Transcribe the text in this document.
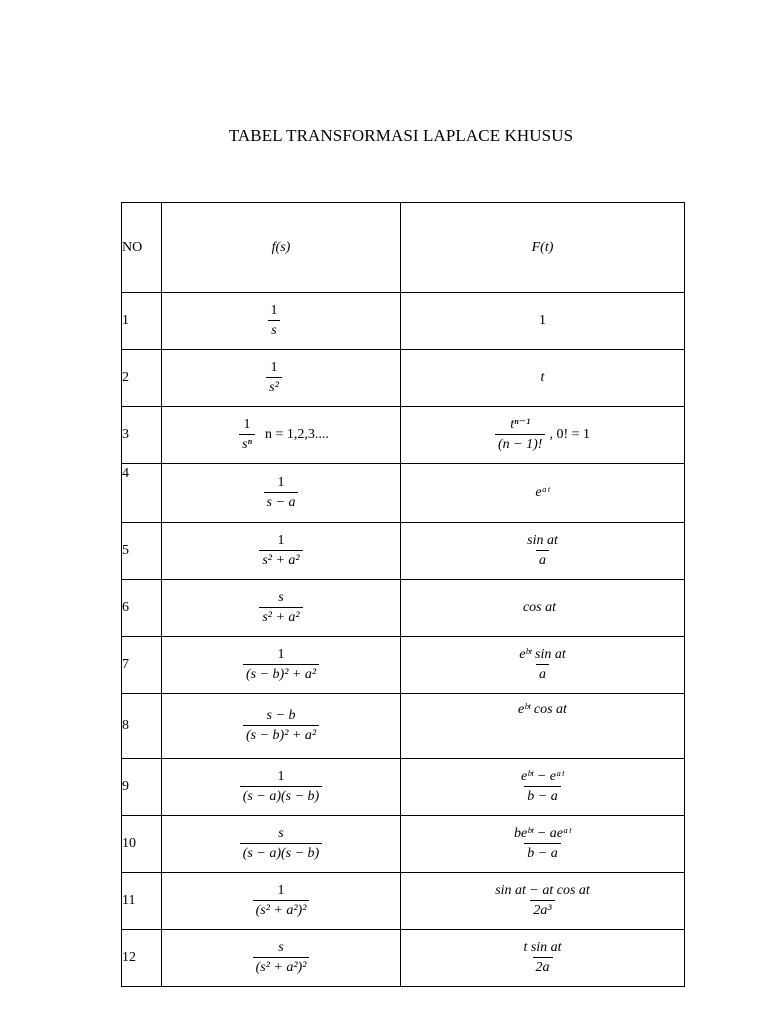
TABEL TRANSFORMASI LAPLACE KHUSUS
NO	f(s)	F(t)
1	$\frac{1}{s}$	1
2	$\frac{1}{\text{s²}}$	t
3	$\frac{1}{\text{sⁿ}}$ n = 1,2,3....	$\frac{\text{tⁿ⁻¹}}{(n - 1)!}$ , 0! = 1
4	$\frac{1}{s - a}$	eᵃᵗ
5	$\frac{1}{\text{s² + a²}}$	$\frac{\text{sin at}}{a}$

6	$\frac{s}{\text{s² + a²}}$	cos at
7	$\frac{1}{\text{(s − b)² + a²}}$	$\frac{\text{eᵇᵗ sin at}}{a}$

8	$\frac{s - b}{\text{(s − b)² + a²}}$	eᵇᵗ cos at
9	$\frac{1}{(s - a)(s - b)}$	$\frac{\text{eᵇᵗ − eᵃᵗ}}{b - a}$

10	$\frac{s}{(s - a)(s - b)}$	$\frac{\text{beᵇᵗ − aeᵃᵗ}}{b - a}$

11	$\frac{1}{\text{(s² + a²)²}}$	$\frac{\text{sin at − at cos at}}{\text{2a³}}$

12	$\frac{s}{\text{(s² + a²)²}}$	$\frac{\text{t sin at}}{2a}$
